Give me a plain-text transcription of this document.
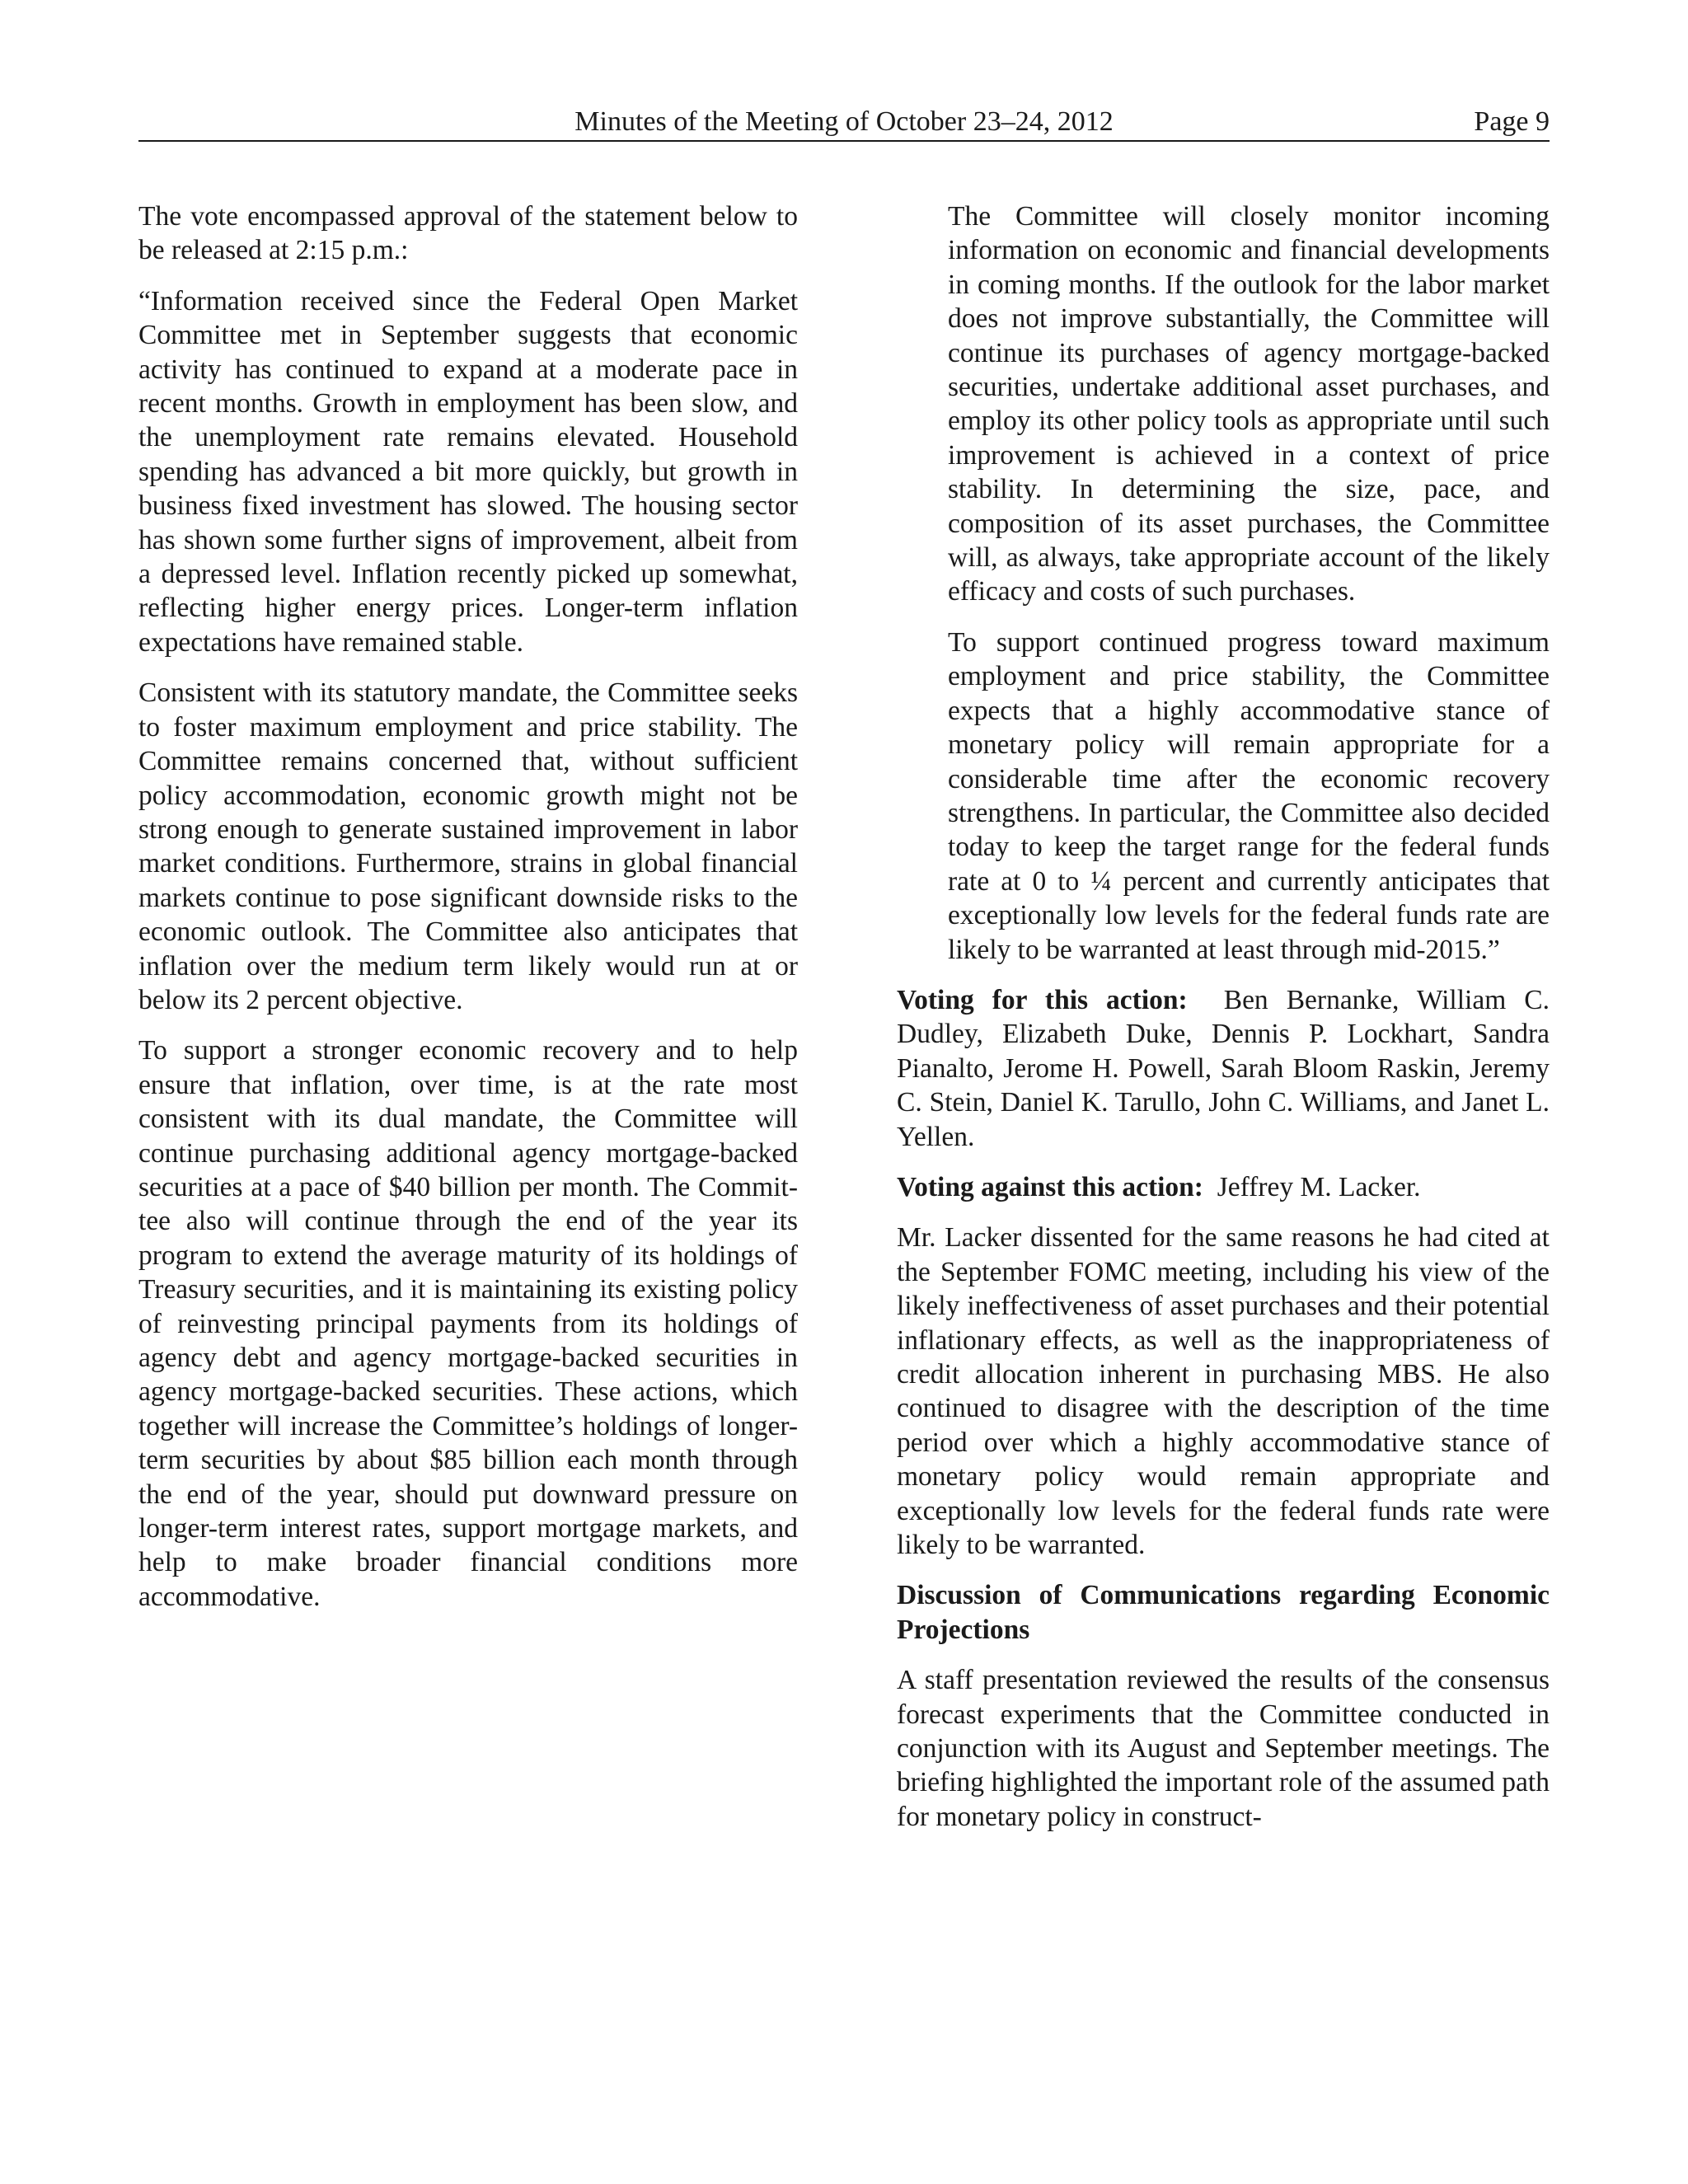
Minutes of the Meeting of October 23–24, 2012	Page 9

The vote encompassed approval of the statement below to be released at 2:15 p.m.:

“Information received since the Federal Open Market Committee met in September suggests that economic activity has continued to expand at a moderate pace in recent months. Growth in employment has been slow, and the unemployment rate remains elevated. Household spending has advanced a bit more quickly, but growth in business fixed investment has slowed. The housing sector has shown some further signs of improvement, albeit from a depressed level. Inflation recently picked up somewhat, reflecting higher energy prices. Longer-term inflation expectations have remained stable.

Consistent with its statutory mandate, the Committee seeks to foster maximum employment and price stability. The Committee remains concerned that, without sufficient policy accommodation, economic growth might not be strong enough to generate sustained improvement in labor market conditions. Furthermore, strains in global financial markets continue to pose significant downside risks to the economic outlook. The Committee also anticipates that inflation over the medium term likely would run at or below its 2 percent objective.

To support a stronger economic recovery and to help ensure that inflation, over time, is at the rate most consistent with its dual mandate, the Committee will continue purchasing additional agency mortgage-backed securities at a pace of $40 billion per month. The Committee also will continue through the end of the year its program to extend the average maturity of its holdings of Treasury securities, and it is maintaining its existing policy of reinvesting principal payments from its holdings of agency debt and agency mortgage-backed securities in agency mortgage-backed securities. These actions, which together will increase the Committee’s holdings of longer-term securities by about $85 billion each month through the end of the year, should put downward pressure on longer-term interest rates, support mortgage markets, and help to make broader financial conditions more accommodative.

The Committee will closely monitor incoming information on economic and financial developments in coming months. If the outlook for the labor market does not improve substantially, the Committee will continue its purchases of agency mortgage-backed securities, undertake additional asset purchases, and employ its other policy tools as appropriate until such improvement is achieved in a context of price stability. In determining the size, pace, and composition of its asset purchases, the Committee will, as always, take appropriate account of the likely efficacy and costs of such purchases.

To support continued progress toward maximum employment and price stability, the Committee expects that a highly accommodative stance of monetary policy will remain appropriate for a considerable time after the economic recovery strengthens. In particular, the Committee also decided today to keep the target range for the federal funds rate at 0 to ¼ percent and currently anticipates that exceptionally low levels for the federal funds rate are likely to be warranted at least through mid-2015.”

Voting for this action: Ben Bernanke, William C. Dudley, Elizabeth Duke, Dennis P. Lockhart, Sandra Pianalto, Jerome H. Powell, Sarah Bloom Raskin, Jeremy C. Stein, Daniel K. Tarullo, John C. Williams, and Janet L. Yellen.

Voting against this action: Jeffrey M. Lacker.

Mr. Lacker dissented for the same reasons he had cited at the September FOMC meeting, including his view of the likely ineffectiveness of asset purchases and their potential inflationary effects, as well as the inappropriateness of credit allocation inherent in purchasing MBS. He also continued to disagree with the description of the time period over which a highly accommodative stance of monetary policy would remain appropriate and exceptionally low levels for the federal funds rate were likely to be warranted.

Discussion of Communications regarding Economic Projections

A staff presentation reviewed the results of the consensus forecast experiments that the Committee conducted in conjunction with its August and September meetings. The briefing highlighted the important role of the assumed path for monetary policy in construct-
